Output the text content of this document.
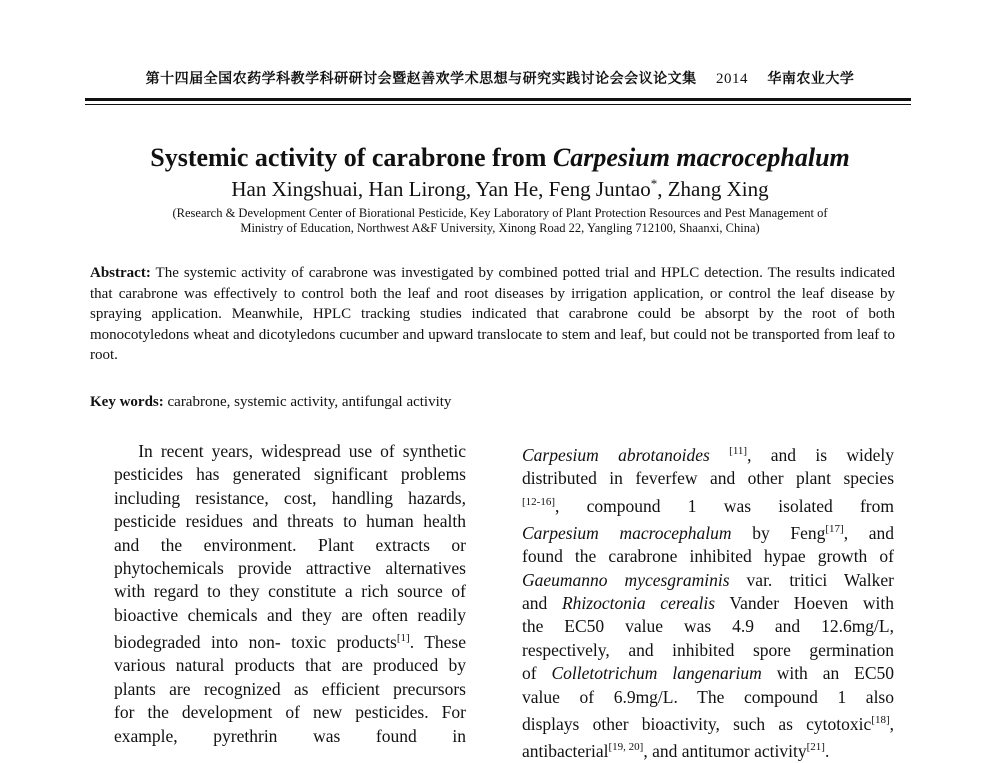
第十四届全国农药学科教学科研研讨会暨赵善欢学术思想与研究实践讨论会会议论文集 2014 华南农业大学
Systemic activity of carabrone from Carpesium macrocephalum
Han Xingshuai, Han Lirong, Yan He, Feng Juntao*, Zhang Xing
(Research & Development Center of Biorational Pesticide, Key Laboratory of Plant Protection Resources and Pest Management of
Ministry of Education, Northwest A&F University, Xinong Road 22, Yangling 712100, Shaanxi, China)
Abstract: The systemic activity of carabrone was investigated by combined potted trial and HPLC detection. The results indicated that carabrone was effectively to control both the leaf and root diseases by irrigation application, or control the leaf disease by spraying application. Meanwhile, HPLC tracking studies indicated that carabrone could be absorpt by the root of both monocotyledons wheat and dicotyledons cucumber and upward translocate to stem and leaf, but could not be transported from leaf to root.
Key words: carabrone, systemic activity, antifungal activity
In recent years, widespread use of synthetic
pesticides has generated significant problems
including resistance, cost, handling hazards,
pesticide residues and threats to human health
and the environment. Plant extracts or
phytochemicals provide attractive alternatives
with regard to they constitute a rich source of
bioactive chemicals and they are often readily
biodegraded into non- toxic products[1]. These
various natural products that are produced by
plants are recognized as efficient precursors
for the development of new pesticides. For
example, pyrethrin was found in
Carpesium abrotanoides [11], and is widely
distributed in feverfew and other plant species
[12-16], compound 1 was isolated from
Carpesium macrocephalum by Feng[17], and
found the carabrone inhibited hypae growth of
Gaeumanno mycesgraminis var. tritici Walker
and Rhizoctonia cerealis Vander Hoeven with
the EC50 value was 4.9 and 12.6mg/L,
respectively, and inhibited spore germination
of Colletotrichum langenarium with an EC50
value of 6.9mg/L. The compound 1 also
displays other bioactivity, such as cytotoxic[18],
antibacterial[19, 20], and antitumor activity[21].
